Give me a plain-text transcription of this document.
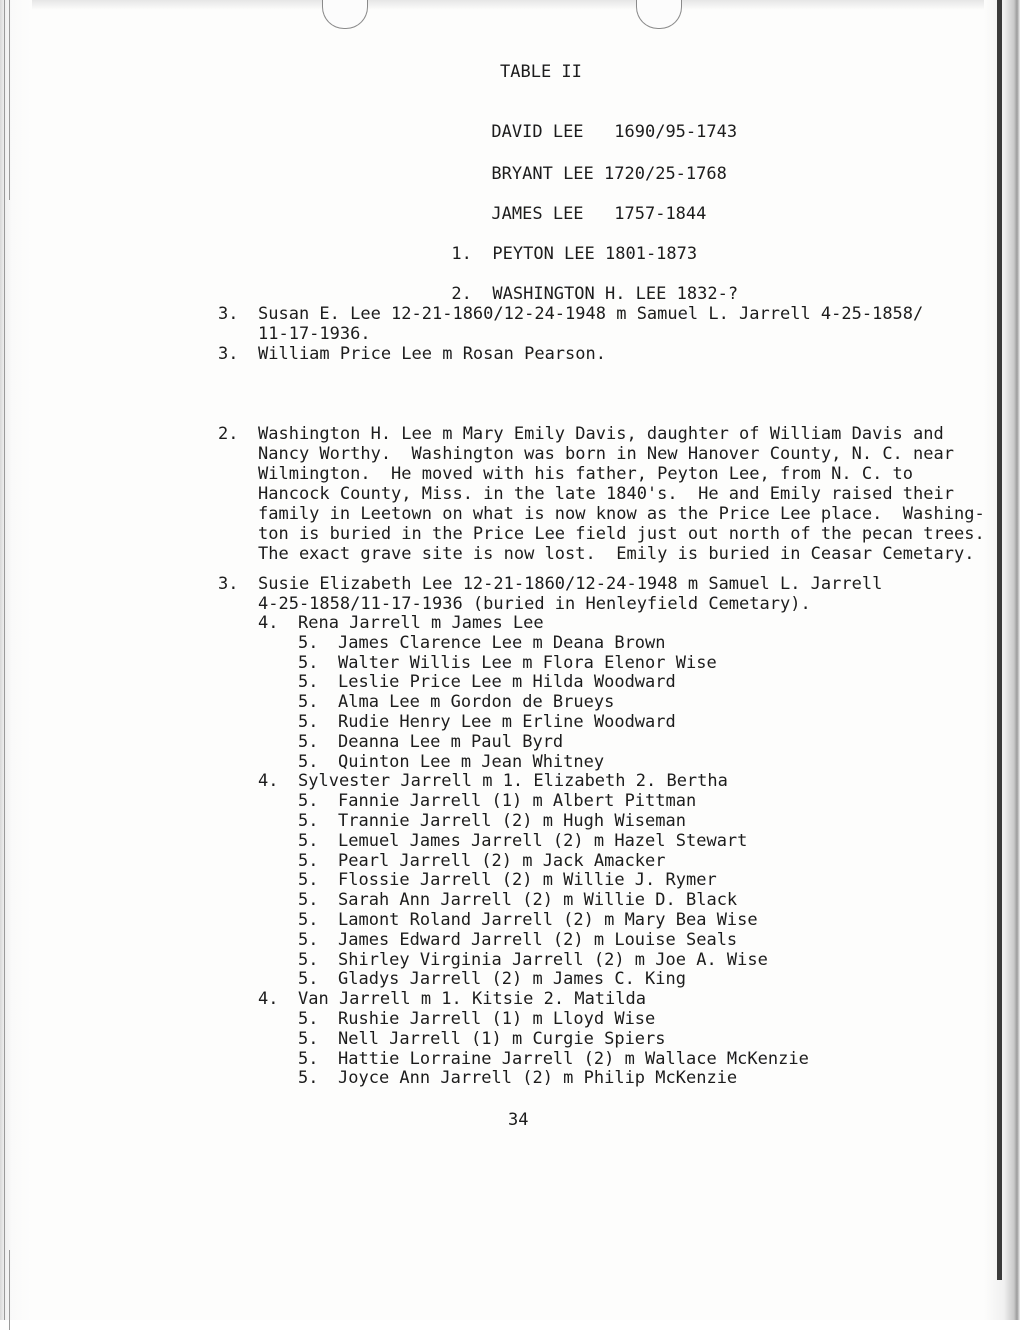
TABLE II

DAVID LEE 1690/95-1743

BRYANT LEE 1720/25-1768

JAMES LEE 1757-1844

1. PEYTON LEE 1801-1873

2. WASHINGTON H. LEE 1832-?

3. Susan E. Lee 12-21-1860/12-24-1948 m Samuel L. Jarrell 4-25-1858/
11-17-1936.
3. William Price Lee m Rosan Pearson.
2. Washington H. Lee m Mary Emily Davis, daughter of William Davis and
Nancy Worthy.  Washington was born in New Hanover County, N. C. near
Wilmington.  He moved with his father, Peyton Lee, from N. C. to
Hancock County, Miss. in the late 1840's.  He and Emily raised their
family in Leetown on what is now know as the Price Lee place.  Washing-
ton is buried in the Price Lee field just out north of the pecan trees.
The exact grave site is now lost.  Emily is buried in Ceasar Cemetary.
3. Susie Elizabeth Lee 12-21-1860/12-24-1948 m Samuel L. Jarrell
4-25-1858/11-17-1936 (buried in Henleyfield Cemetary).
4. Rena Jarrell m James Lee
5. James Clarence Lee m Deana Brown
5. Walter Willis Lee m Flora Elenor Wise
5. Leslie Price Lee m Hilda Woodward
5. Alma Lee m Gordon de Brueys
5. Rudie Henry Lee m Erline Woodward
5. Deanna Lee m Paul Byrd
5. Quinton Lee m Jean Whitney
4. Sylvester Jarrell m 1. Elizabeth 2. Bertha
5. Fannie Jarrell (1) m Albert Pittman
5. Trannie Jarrell (2) m Hugh Wiseman
5. Lemuel James Jarrell (2) m Hazel Stewart
5. Pearl Jarrell (2) m Jack Amacker
5. Flossie Jarrell (2) m Willie J. Rymer
5. Sarah Ann Jarrell (2) m Willie D. Black
5. Lamont Roland Jarrell (2) m Mary Bea Wise
5. James Edward Jarrell (2) m Louise Seals
5. Shirley Virginia Jarrell (2) m Joe A. Wise
5. Gladys Jarrell (2) m James C. King
4. Van Jarrell m 1. Kitsie 2. Matilda
5. Rushie Jarrell (1) m Lloyd Wise
5. Nell Jarrell (1) m Curgie Spiers
5. Hattie Lorraine Jarrell (2) m Wallace McKenzie
5. Joyce Ann Jarrell (2) m Philip McKenzie
34
